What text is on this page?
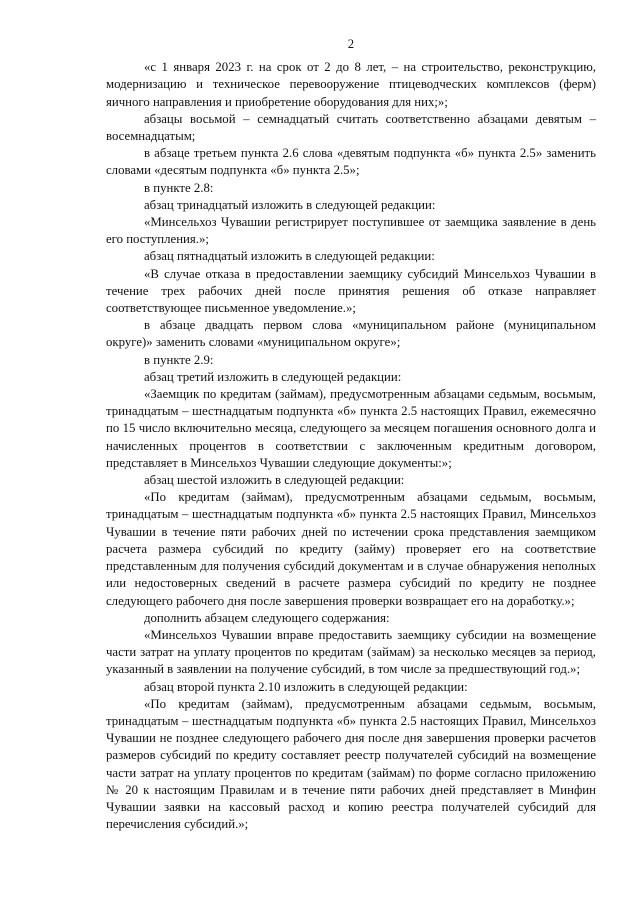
2

«с 1 января 2023 г. на срок от 2 до 8 лет, – на строительство, реконструкцию, модернизацию и техническое перевооружение птицеводческих комплексов (ферм) яичного направления и приобретение оборудования для них;»;

абзацы восьмой – семнадцатый считать соответственно абзацами девятым – восемнадцатым;

в абзаце третьем пункта 2.6 слова «девятым подпункта «б» пункта 2.5» заменить словами «десятым подпункта «б» пункта 2.5»;

в пункте 2.8:

абзац тринадцатый изложить в следующей редакции:

«Минсельхоз Чувашии регистрирует поступившее от заемщика заявление в день его поступления.»;

абзац пятнадцатый изложить в следующей редакции:

«В случае отказа в предоставлении заемщику субсидий Минсельхоз Чувашии в течение трех рабочих дней после принятия решения об отказе направляет соответствующее письменное уведомление.»;

в абзаце двадцать первом слова «муниципальном районе (муниципальном округе)» заменить словами «муниципальном округе»;

в пункте 2.9:

абзац третий изложить в следующей редакции:

«Заемщик по кредитам (займам), предусмотренным абзацами седьмым, восьмым, тринадцатым – шестнадцатым подпункта «б» пункта 2.5 настоящих Правил, ежемесячно по 15 число включительно месяца, следующего за месяцем погашения основного долга и начисленных процентов в соответствии с заключенным кредитным договором, представляет в Минсельхоз Чувашии следующие документы:»;

абзац шестой изложить в следующей редакции:

«По кредитам (займам), предусмотренным абзацами седьмым, восьмым, тринадцатым – шестнадцатым подпункта «б» пункта 2.5 настоящих Правил, Минсельхоз Чувашии в течение пяти рабочих дней по истечении срока представления заемщиком расчета размера субсидий по кредиту (займу) проверяет его на соответствие представленным для получения субсидий документам и в случае обнаружения неполных или недостоверных сведений в расчете размера субсидий по кредиту не позднее следующего рабочего дня после завершения проверки возвращает его на доработку.»;

дополнить абзацем следующего содержания:

«Минсельхоз Чувашии вправе предоставить заемщику субсидии на возмещение части затрат на уплату процентов по кредитам (займам) за несколько месяцев за период, указанный в заявлении на получение субсидий, в том числе за предшествующий год.»;

абзац второй пункта 2.10 изложить в следующей редакции:

«По кредитам (займам), предусмотренным абзацами седьмым, восьмым, тринадцатым – шестнадцатым подпункта «б» пункта 2.5 настоящих Правил, Минсельхоз Чувашии не позднее следующего рабочего дня после дня завершения проверки расчетов размеров субсидий по кредиту составляет реестр получателей субсидий на возмещение части затрат на уплату процентов по кредитам (займам) по форме согласно приложению № 20 к настоящим Правилам и в течение пяти рабочих дней представляет в Минфин Чувашии заявки на кассовый расход и копию реестра получателей субсидий для перечисления субсидий.»;
